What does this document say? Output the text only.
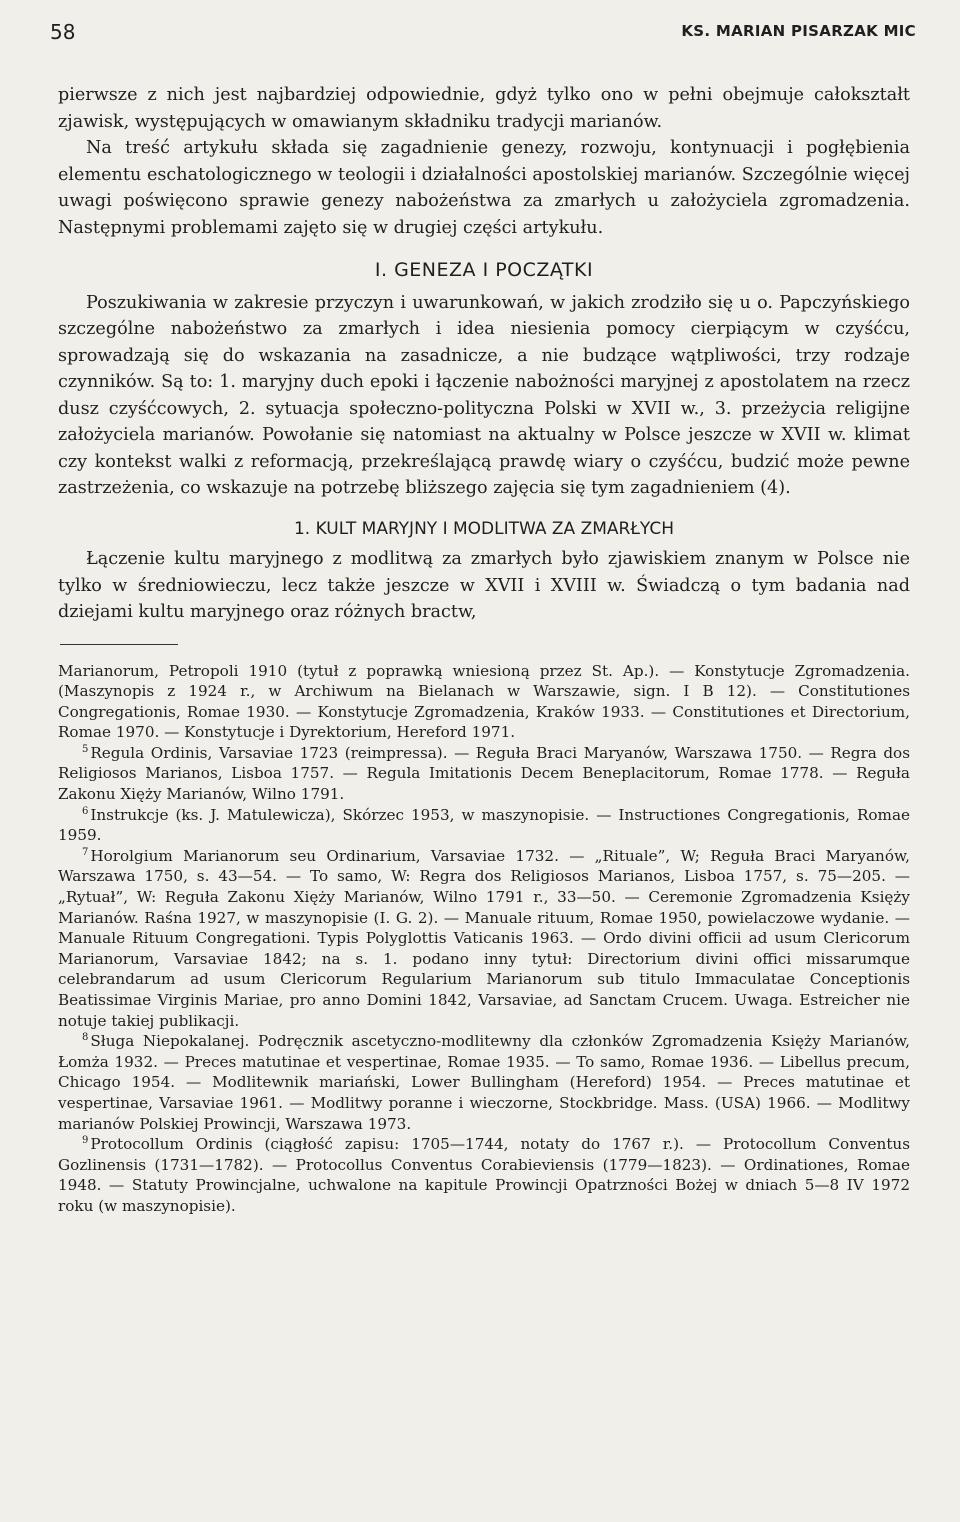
58	KS. MARIAN PISARZAK MIC

pierwsze z nich jest najbardziej odpowiednie, gdyż tylko ono w pełni obejmuje całokształt zjawisk, występujących w omawianym składniku tradycji marianów.

Na treść artykułu składa się zagadnienie genezy, rozwoju, kontynuacji i pogłębienia elementu eschatologicznego w teologii i działalności apostolskiej marianów. Szczególnie więcej uwagi poświęcono sprawie genezy nabożeństwa za zmarłych u założyciela zgromadzenia. Następnymi problemami zajęto się w drugiej części artykułu.

I. GENEZA I POCZĄTKI

Poszukiwania w zakresie przyczyn i uwarunkowań, w jakich zrodziło się u o. Papczyńskiego szczególne nabożeństwo za zmarłych i idea niesienia pomocy cierpiącym w czyśćcu, sprowadzają się do wskazania na zasadnicze, a nie budzące wątpliwości, trzy rodzaje czynników. Są to: 1. maryjny duch epoki i łączenie nabożności maryjnej z apostolatem na rzecz dusz czyśćcowych, 2. sytuacja społeczno-polityczna Polski w XVII w., 3. przeżycia religijne założyciela marianów. Powołanie się natomiast na aktualny w Polsce jeszcze w XVII w. klimat czy kontekst walki z reformacją, przekreślającą prawdę wiary o czyśćcu, budzić może pewne zastrzeżenia, co wskazuje na potrzebę bliższego zajęcia się tym zagadnieniem (4).

1. KULT MARYJNY I MODLITWA ZA ZMARŁYCH

Łączenie kultu maryjnego z modlitwą za zmarłych było zjawiskiem znanym w Polsce nie tylko w średniowieczu, lecz także jeszcze w XVII i XVIII w. Świadczą o tym badania nad dziejami kultu maryjnego oraz różnych bractw,

Marianorum, Petropoli 1910 (tytuł z poprawką wniesioną przez St. Ap.). — Konstytucje Zgromadzenia. (Maszynopis z 1924 r., w Archiwum na Bielanach w Warszawie, sign. I B 12). — Constitutiones Congregationis, Romae 1930. — Konstytucje Zgromadzenia, Kraków 1933. — Constitutiones et Directorium, Romae 1970. — Konstytucje i Dyrektorium, Hereford 1971.

$^5$ Regula Ordinis, Varsaviae 1723 (reimpressa). — Reguła Braci Maryanów, Warszawa 1750. — Regra dos Religiosos Marianos, Lisboa 1757. — Regula Imitationis Decem Beneplacitorum, Romae 1778. — Reguła Zakonu Xięży Marianów, Wilno 1791.

$^6$ Instrukcje (ks. J. Matulewicza), Skórzec 1953, w maszynopisie. — Instructiones Congregationis, Romae 1959.

$^7$ Horolgium Marianorum seu Ordinarium, Varsaviae 1732. — „Rituale”, W; Reguła Braci Maryanów, Warszawa 1750, s. 43—54. — To samo, W: Regra dos Religiosos Marianos, Lisboa 1757, s. 75—205. — „Rytuał”, W: Reguła Zakonu Xięży Marianów, Wilno 1791 r., 33—50. — Ceremonie Zgromadzenia Księży Marianów. Raśna 1927, w maszynopisie (I. G. 2). — Manuale rituum, Romae 1950, powielaczowe wydanie. — Manuale Rituum Congregationi. Typis Polyglottis Vaticanis 1963. — Ordo divini officii ad usum Clericorum Marianorum, Varsaviae 1842; na s. 1. podano inny tytuł: Directorium divini offici missarumque celebrandarum ad usum Clericorum Regularium Marianorum sub titulo Immaculatae Conceptionis Beatissimae Virginis Mariae, pro anno Domini 1842, Varsaviae, ad Sanctam Crucem. Uwaga. Estreicher nie notuje takiej publikacji.

$^8$ Sługa Niepokalanej. Podręcznik ascetyczno-modlitewny dla członków Zgromadzenia Księży Marianów, Łomża 1932. — Preces matutinae et vespertinae, Romae 1935. — To samo, Romae 1936. — Libellus precum, Chicago 1954. — Modlitewnik mariański, Lower Bullingham (Hereford) 1954. — Preces matutinae et vespertinae, Varsaviae 1961. — Modlitwy poranne i wieczorne, Stockbridge. Mass. (USA) 1966. — Modlitwy marianów Polskiej Prowincji, Warszawa 1973.

$^9$ Protocollum Ordinis (ciągłość zapisu: 1705—1744, notaty do 1767 r.). — Protocollum Conventus Gozlinensis (1731—1782). — Protocollus Conventus Corabieviensis (1779—1823). — Ordinationes, Romae 1948. — Statuty Prowincjalne, uchwalone na kapitule Prowincji Opatrzności Bożej w dniach 5—8 IV 1972 roku (w maszynopisie).
